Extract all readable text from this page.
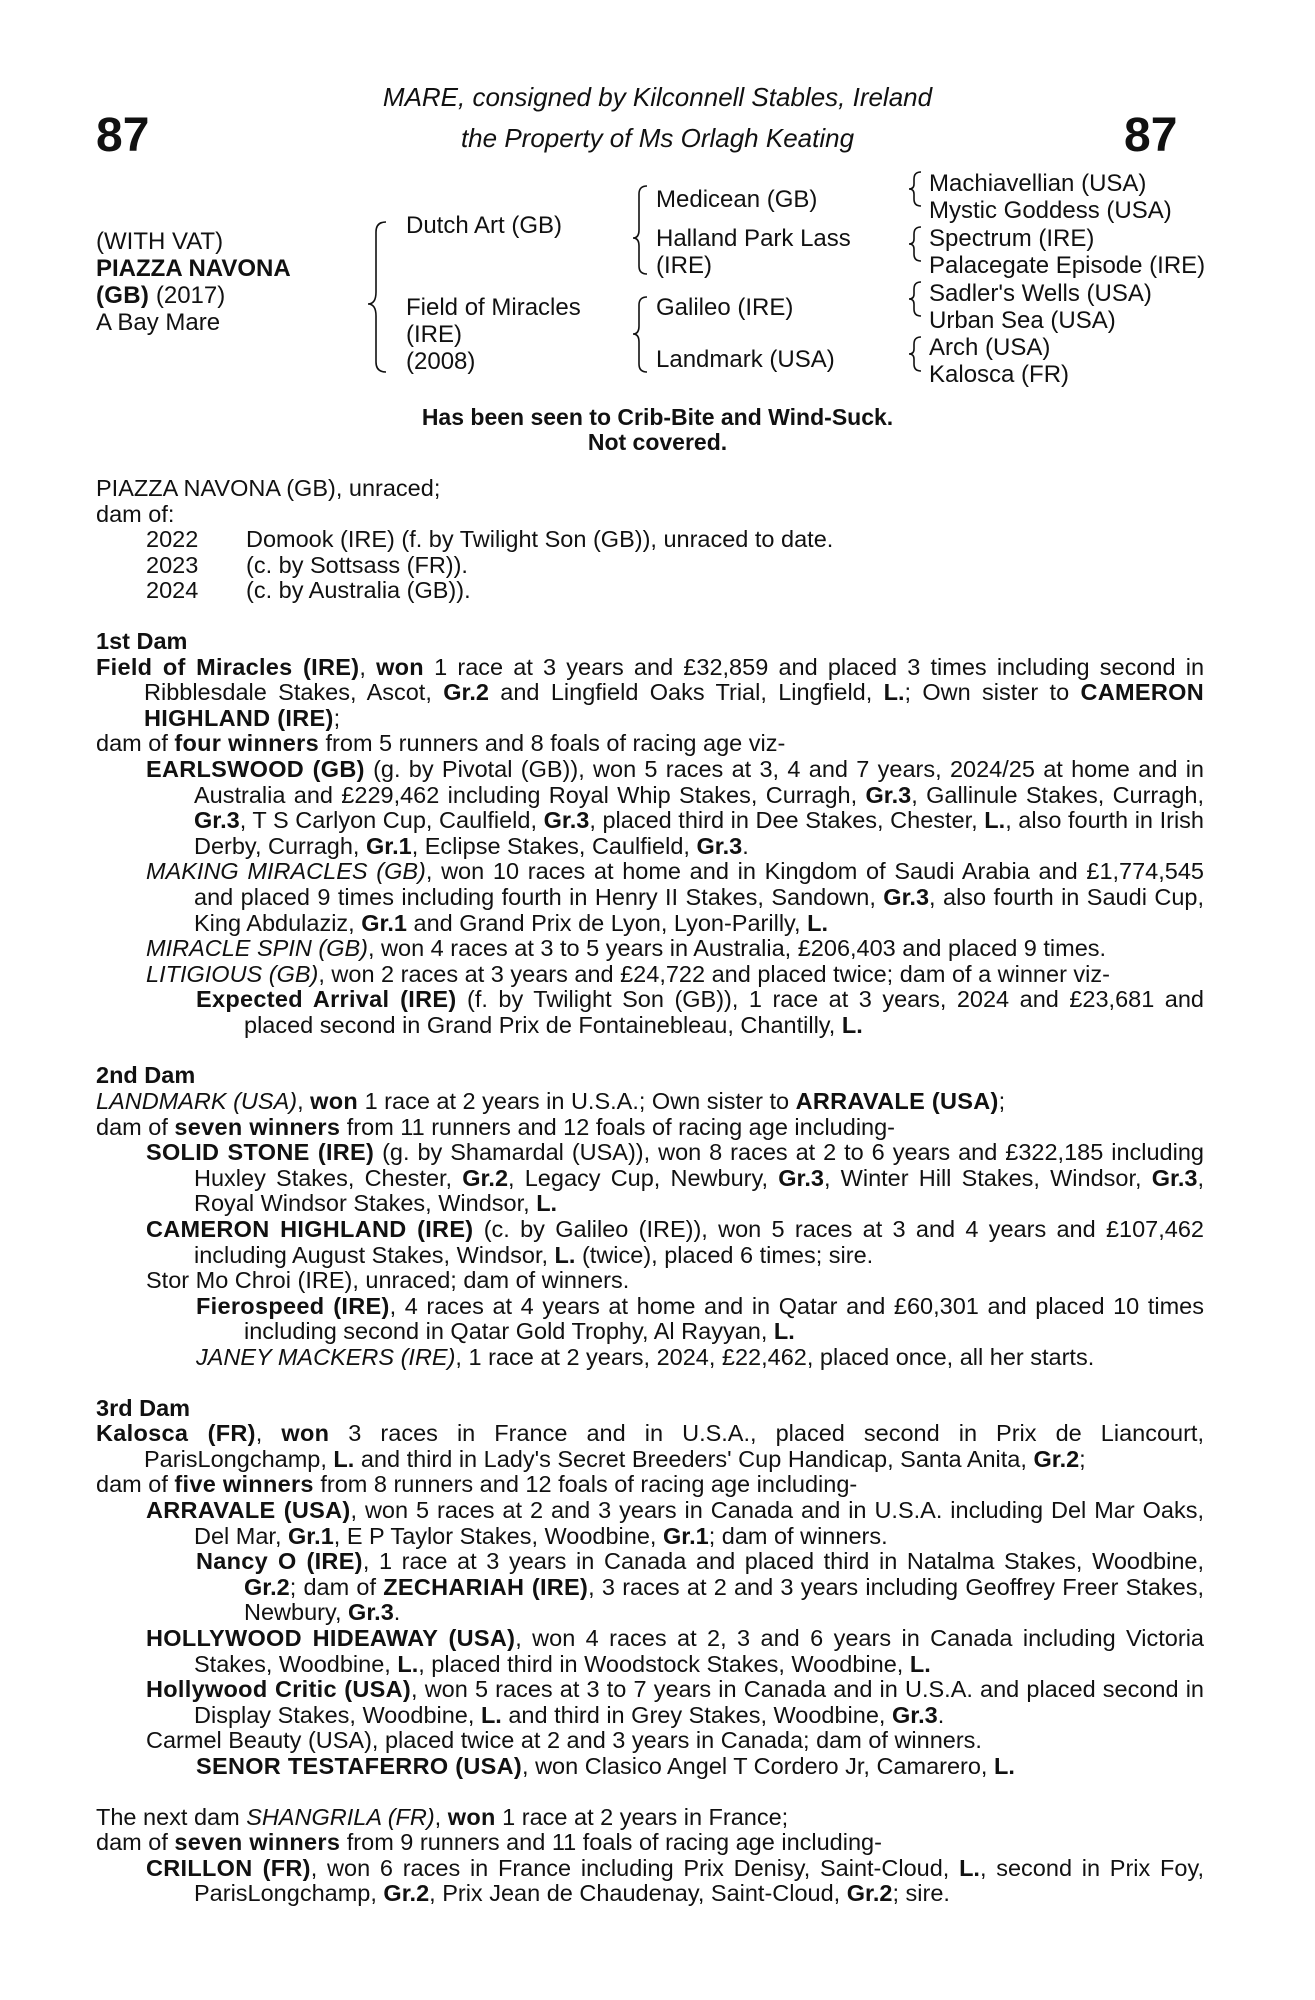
87	87
MARE, consigned by Kilconnell Stables, Ireland
the Property of Ms Orlagh Keating
(WITH VAT)
PIAZZA NAVONA
(GB) (2017)
A Bay Mare
Dutch Art (GB)
Field of Miracles
(IRE)
(2008)
Medicean (GB)
Halland Park Lass
(IRE)
Galileo (IRE)
Landmark (USA)
Machiavellian (USA)
Mystic Goddess (USA)
Spectrum (IRE)
Palacegate Episode (IRE)
Sadler's Wells (USA)
Urban Sea (USA)
Arch (USA)
Kalosca (FR)
Has been seen to Crib-Bite and Wind-Suck.
Not covered.

PIAZZA NAVONA (GB), unraced;

dam of:

2022	Domook (IRE) (f. by Twilight Son (GB)), unraced to date.
2023	(c. by Sottsass (FR)).
2024	(c. by Australia (GB)).

1st Dam

Field of Miracles (IRE), won 1 race at 3 years and £32,859 and placed 3 times including second in Ribblesdale Stakes, Ascot, Gr.2 and Lingfield Oaks Trial, Lingfield, L.; Own sister to CAMERON HIGHLAND (IRE);

dam of four winners from 5 runners and 8 foals of racing age viz-

EARLSWOOD (GB) (g. by Pivotal (GB)), won 5 races at 3, 4 and 7 years, 2024/25 at home and in Australia and £229,462 including Royal Whip Stakes, Curragh, Gr.3, Gallinule Stakes, Curragh, Gr.3, T S Carlyon Cup, Caulfield, Gr.3, placed third in Dee Stakes, Chester, L., also fourth in Irish Derby, Curragh, Gr.1, Eclipse Stakes, Caulfield, Gr.3.

MAKING MIRACLES (GB), won 10 races at home and in Kingdom of Saudi Arabia and £1,774,545 and placed 9 times including fourth in Henry II Stakes, Sandown, Gr.3, also fourth in Saudi Cup, King Abdulaziz, Gr.1 and Grand Prix de Lyon, Lyon-Parilly, L.

MIRACLE SPIN (GB), won 4 races at 3 to 5 years in Australia, £206,403 and placed 9 times.

LITIGIOUS (GB), won 2 races at 3 years and £24,722 and placed twice; dam of a winner viz-

Expected Arrival (IRE) (f. by Twilight Son (GB)), 1 race at 3 years, 2024 and £23,681 and placed second in Grand Prix de Fontainebleau, Chantilly, L.

2nd Dam

LANDMARK (USA), won 1 race at 2 years in U.S.A.; Own sister to ARRAVALE (USA);

dam of seven winners from 11 runners and 12 foals of racing age including-

SOLID STONE (IRE) (g. by Shamardal (USA)), won 8 races at 2 to 6 years and £322,185 including Huxley Stakes, Chester, Gr.2, Legacy Cup, Newbury, Gr.3, Winter Hill Stakes, Windsor, Gr.3, Royal Windsor Stakes, Windsor, L.

CAMERON HIGHLAND (IRE) (c. by Galileo (IRE)), won 5 races at 3 and 4 years and £107,462 including August Stakes, Windsor, L. (twice), placed 6 times; sire.

Stor Mo Chroi (IRE), unraced; dam of winners.

Fierospeed (IRE), 4 races at 4 years at home and in Qatar and £60,301 and placed 10 times including second in Qatar Gold Trophy, Al Rayyan, L.

JANEY MACKERS (IRE), 1 race at 2 years, 2024, £22,462, placed once, all her starts.

3rd Dam

Kalosca (FR), won 3 races in France and in U.S.A., placed second in Prix de Liancourt, ParisLongchamp, L. and third in Lady's Secret Breeders' Cup Handicap, Santa Anita, Gr.2;

dam of five winners from 8 runners and 12 foals of racing age including-

ARRAVALE (USA), won 5 races at 2 and 3 years in Canada and in U.S.A. including Del Mar Oaks, Del Mar, Gr.1, E P Taylor Stakes, Woodbine, Gr.1; dam of winners.

Nancy O (IRE), 1 race at 3 years in Canada and placed third in Natalma Stakes, Woodbine, Gr.2; dam of ZECHARIAH (IRE), 3 races at 2 and 3 years including Geoffrey Freer Stakes, Newbury, Gr.3.

HOLLYWOOD HIDEAWAY (USA), won 4 races at 2, 3 and 6 years in Canada including Victoria Stakes, Woodbine, L., placed third in Woodstock Stakes, Woodbine, L.

Hollywood Critic (USA), won 5 races at 3 to 7 years in Canada and in U.S.A. and placed second in Display Stakes, Woodbine, L. and third in Grey Stakes, Woodbine, Gr.3.

Carmel Beauty (USA), placed twice at 2 and 3 years in Canada; dam of winners.

SENOR TESTAFERRO (USA), won Clasico Angel T Cordero Jr, Camarero, L.

The next dam SHANGRILA (FR), won 1 race at 2 years in France;

dam of seven winners from 9 runners and 11 foals of racing age including-

CRILLON (FR), won 6 races in France including Prix Denisy, Saint-Cloud, L., second in Prix Foy, ParisLongchamp, Gr.2, Prix Jean de Chaudenay, Saint-Cloud, Gr.2; sire.
